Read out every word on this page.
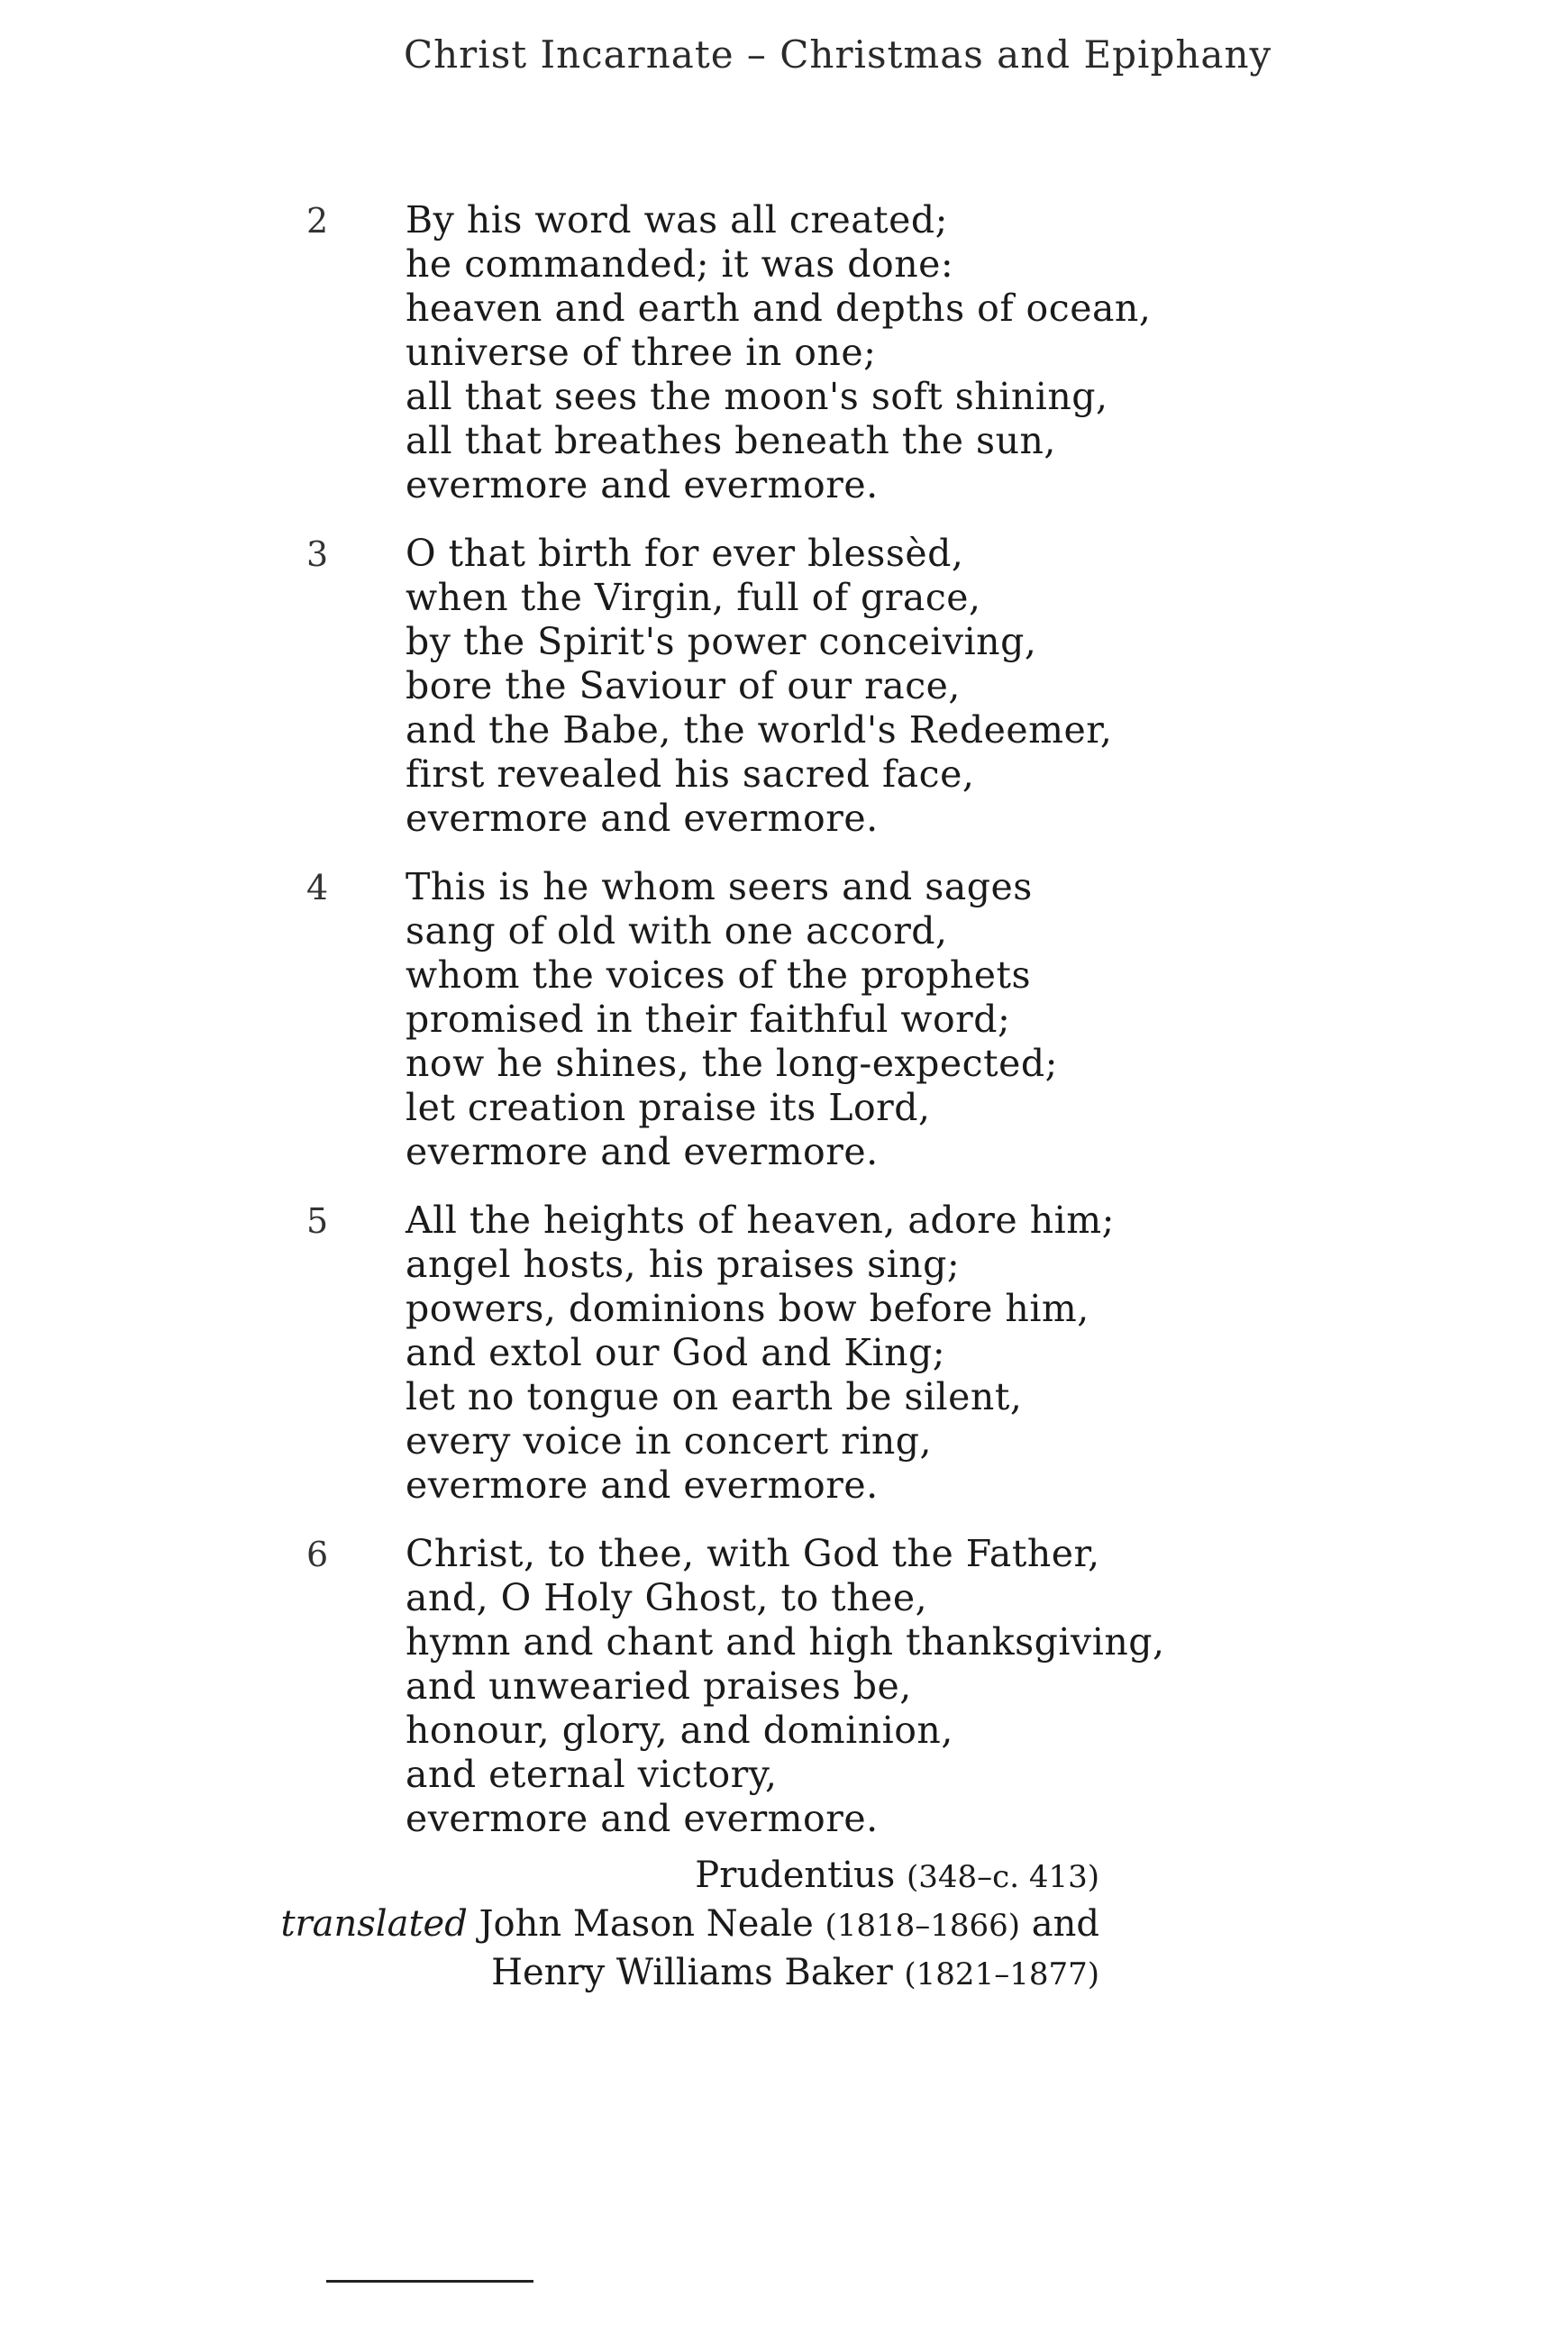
Christ Incarnate – Christmas and Epiphany
2 By his word was all created;
he commanded; it was done:
heaven and earth and depths of ocean,
universe of three in one;
all that sees the moon's soft shining,
all that breathes beneath the sun,
evermore and evermore.
3 O that birth for ever blessèd,
when the Virgin, full of grace,
by the Spirit's power conceiving,
bore the Saviour of our race,
and the Babe, the world's Redeemer,
first revealed his sacred face,
evermore and evermore.
4 This is he whom seers and sages
sang of old with one accord,
whom the voices of the prophets
promised in their faithful word;
now he shines, the long-expected;
let creation praise its Lord,
evermore and evermore.
5 All the heights of heaven, adore him;
angel hosts, his praises sing;
powers, dominions bow before him,
and extol our God and King;
let no tongue on earth be silent,
every voice in concert ring,
evermore and evermore.
6 Christ, to thee, with God the Father,
and, O Holy Ghost, to thee,
hymn and chant and high thanksgiving,
and unwearied praises be,
honour, glory, and dominion,
and eternal victory,
evermore and evermore.
Prudentius (348–c. 413)
translated John Mason Neale (1818–1866) and
Henry Williams Baker (1821–1877)
